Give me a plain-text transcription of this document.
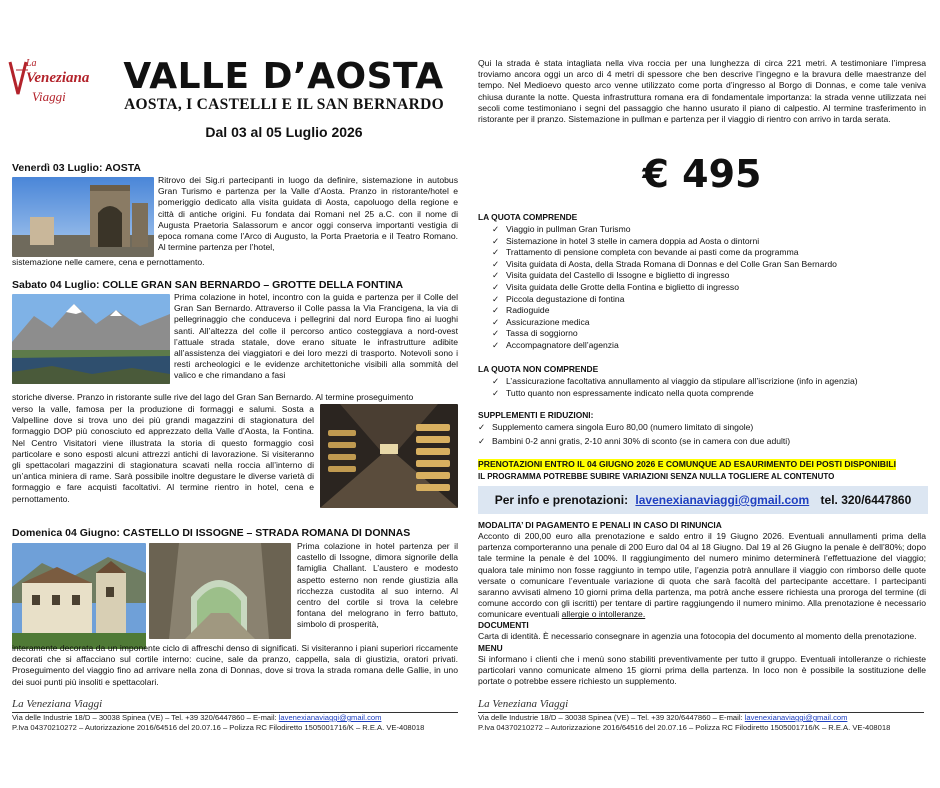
La
Veneziana
Viaggi VALLE D’AOSTA
AOSTA, I CASTELLI E IL SAN BERNARDO
Dal 03 al 05 Luglio 2026
Venerdì 03 Luglio: AOSTA
Ritrovo dei Sig.ri partecipanti in luogo da definire, sistemazione in autobus Gran Turismo e partenza per la Valle d’Aosta. Pranzo in ristorante/hotel e pomeriggio dedicato alla visita guidata di Aosta, capoluogo della regione e città di antiche origini. Fu fondata dai Romani nel 25 a.C. con il nome di Augusta Praetoria Salassorum e ancor oggi conserva importanti vestigia di epoca romana come l’Arco di Augusto, la Porta Praetoria e il Teatro Romano. Al termine partenza per l’hotel,
sistemazione nelle camere, cena e pernottamento.
Sabato 04 Luglio: COLLE GRAN SAN BERNARDO – GROTTE DELLA FONTINA
Prima colazione in hotel, incontro con la guida e partenza per il Colle del Gran San Bernardo. Attraverso il Colle passa la Via Francigena, la via di pellegrinaggio che conduceva i pellegrini dal nord Europa fino ai luoghi santi. All’altezza del colle il percorso antico costeggiava a nord-ovest l’attuale strada statale, dove erano situate le infrastrutture adibite all’assistenza dei viaggiatori e dei loro mezzi di trasporto. Notevoli sono i resti archeologici e le evidenze architettoniche visibili alla sommità del valico e che rimandano a fasi
storiche diverse. Pranzo in ristorante sulle rive del lago del Gran San Bernardo. Al termine proseguimento
verso la valle, famosa per la produzione di formaggi e salumi. Sosta a Valpelline dove si trova uno dei più grandi magazzini di stagionatura del formaggio DOP più conosciuto ed apprezzato della Valle d’Aosta, la Fontina. Nel Centro Visitatori viene illustrata la storia di questo formaggio così particolare e sono esposti alcuni attrezzi antichi di lavorazione. Si visiteranno gli spettacolari magazzini di stagionatura scavati nella roccia all’interno di un’antica miniera di rame. Sarà possibile inoltre degustare le diverse varietà di formaggio e fare acquisti facoltativi. Al termine rientro in hotel, cena e pernottamento.
Domenica 04 Giugno: CASTELLO DI ISSOGNE – STRADA ROMANA DI DONNAS
Prima colazione in hotel partenza per il castello di Issogne, dimora signorile della famiglia Challant. L’austero e modesto aspetto esterno non rende giustizia alla ricchezza custodita al suo interno. Al centro del cortile si trova la celebre fontana del melograno in ferro battuto, simbolo di prosperità,
interamente decorata da un imponente ciclo di affreschi denso di significati. Si visiteranno i piani superiori riccamente decorati che si affacciano sul cortile interno: cucine, sale da pranzo, cappella, sala di giustizia, oratori privati. Proseguimento del viaggio fino ad arrivare nella zona di Donnas, dove si trova la strada romana delle Gallie, in uno dei suoi punti più insoliti e spettacolari.
La Veneziana Viaggi
Via delle Industrie 18/D – 30038 Spinea (VE) – Tel. +39 320/6447860 – E-mail: lavenexianaviaggi@gmail.com
P.Iva 04370210272 – Autorizzazione 2016/64516 del 20.07.16 – Polizza RC Filodiretto 1505001716/K – R.E.A. VE-408018
Qui la strada è stata intagliata nella viva roccia per una lunghezza di circa 221 metri. A testimoniare l’impresa troviamo ancora oggi un arco di 4 metri di spessore che ben descrive l’ingegno e la bravura delle maestranze del tempo. Nel Medioevo questo arco venne utilizzato come porta d’ingresso al Borgo di Donnas, e come tale veniva chiusa durante la notte. Questa infrastruttura romana era di fondamentale importanza: la strada venne utilizzata nei secoli come testimoniano i segni del passaggio che hanno usurato il piano di calpestio. Al termine trasferimento in ristorante per il pranzo. Sistemazione in pullman e partenza per il viaggio di rientro con arrivo in tarda serata.
€ 495
LA QUOTA COMPRENDE
✓ Viaggio in pullman Gran Turismo
✓ Sistemazione in hotel 3 stelle in camera doppia ad Aosta o dintorni
✓ Trattamento di pensione completa con bevande ai pasti come da programma
✓ Visita guidata di Aosta, della Strada Romana di Donnas e del Colle Gran San Bernardo
✓ Visita guidata del Castello di Issogne e biglietto di ingresso
✓ Visita guidata delle Grotte della Fontina e biglietto di ingresso
✓ Piccola degustazione di fontina
✓ Radioguide
✓ Assicurazione medica
✓ Tassa di soggiorno
✓ Accompagnatore dell’agenzia
LA QUOTA NON COMPRENDE
✓ L’assicurazione facoltativa annullamento al viaggio da stipulare all’iscrizione (info in agenzia)
✓ Tutto quanto non espressamente indicato nella quota comprende
SUPPLEMENTI E RIDUZIONI:
✓ Supplemento camera singola Euro 80,00 (numero limitato di singole)
✓ Bambini 0-2 anni gratis, 2-10 anni 30% di sconto (se in camera con due adulti)
PRENOTAZIONI ENTRO IL 04 GIUGNO 2026 E COMUNQUE AD ESAURIMENTO DEI POSTI DISPONIBILI
IL PROGRAMMA POTREBBE SUBIRE VARIAZIONI SENZA NULLA TOGLIERE AL CONTENUTO
Per info e prenotazioni: lavenexianaviaggi@gmail.com tel. 320/6447860
MODALITA’ DI PAGAMENTO E PENALI IN CASO DI RINUNCIA
Acconto di 200,00 euro alla prenotazione e saldo entro il 19 Giugno 2026. Eventuali annullamenti prima della partenza comporteranno una penale di 200 Euro dal 04 al 18 Giugno. Dal 19 al 26 Giugno la penale è dell’80%; dopo tale termine la penale è del 100%. Il raggiungimento del numero minimo determinerà l’effettuazione del viaggio; qualora tale minimo non fosse raggiunto in tempo utile, l’agenzia potrà annullare il viaggio con rimborso delle quote versate o comunicare l’eventuale variazione di quota che sarà facoltà del partecipante accettare. I partecipanti saranno avvisati almeno 10 giorni prima della partenza, ma potrà anche essere richiesta una proroga del termine (di comune accordo con gli iscritti) per tentare di partire raggiungendo il numero minimo. Alla prenotazione è necessario comunicare eventuali allergie o intolleranze.
DOCUMENTI
Carta di identità. È necessario consegnare in agenzia una fotocopia del documento al momento della prenotazione.
MENU
Si informano i clienti che i menù sono stabiliti preventivamente per tutto il gruppo. Eventuali intolleranze o richieste particolari vanno comunicate almeno 15 giorni prima della partenza. In loco non è possibile la sostituzione delle portate o potrebbe essere richiesto un supplemento.
La Veneziana Viaggi
Via delle Industrie 18/D – 30038 Spinea (VE) – Tel. +39 320/6447860 – E-mail: lavenexianaviaggi@gmail.com
P.Iva 04370210272 – Autorizzazione 2016/64516 del 20.07.16 – Polizza RC Filodiretto 1505001716/K – R.E.A. VE-408018
